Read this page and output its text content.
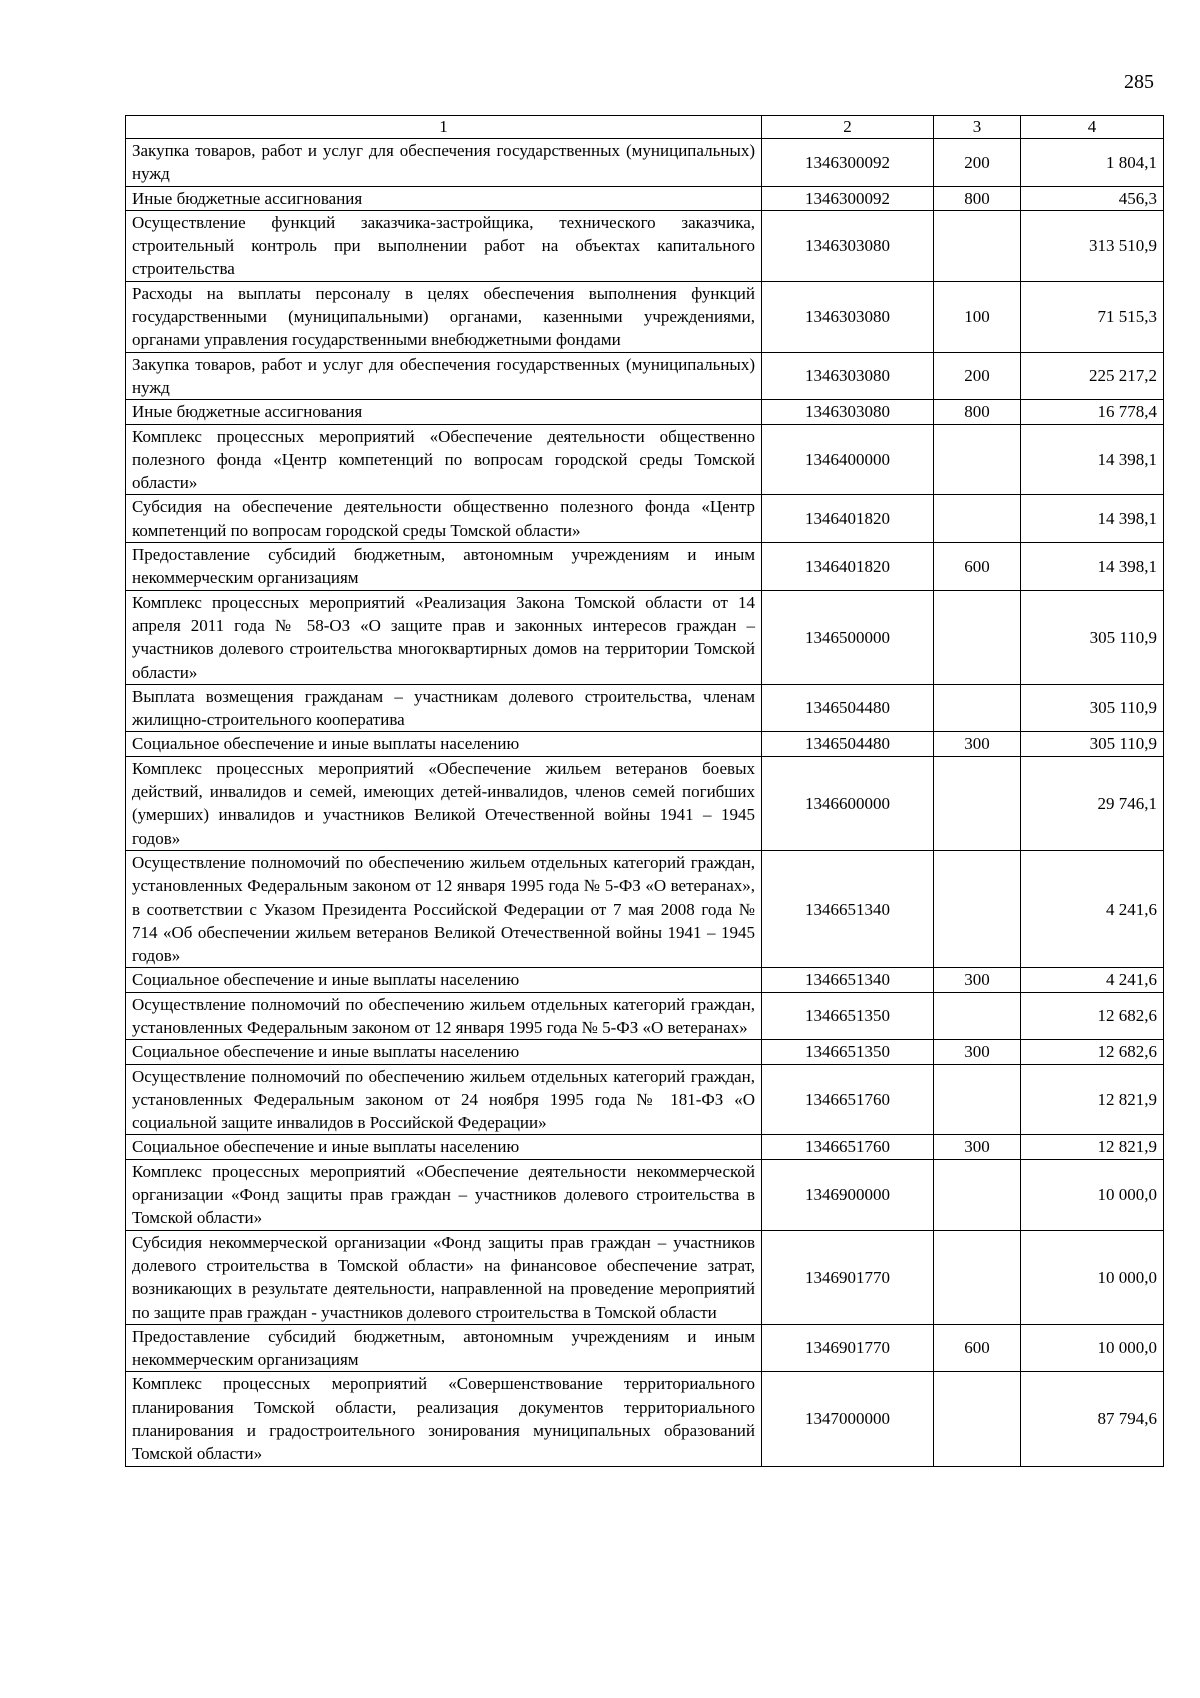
285
1	2	3	4
Закупка товаров, работ и услуг для обеспечения государственных (муниципальных) нужд	1346300092	200	1 804,1
Иные бюджетные ассигнования	1346300092	800	456,3
Осуществление функций заказчика-застройщика, технического заказчика, строительный контроль при выполнении работ на объектах капитального строительства	1346303080		313 510,9
Расходы на выплаты персоналу в целях обеспечения выполнения функций государственными (муниципальными) органами, казенными учреждениями, органами управления государственными внебюджетными фондами	1346303080	100	71 515,3
Закупка товаров, работ и услуг для обеспечения государственных (муниципальных) нужд	1346303080	200	225 217,2
Иные бюджетные ассигнования	1346303080	800	16 778,4
Комплекс процессных мероприятий «Обеспечение деятельности общественно полезного фонда «Центр компетенций по вопросам городской среды Томской области»	1346400000		14 398,1
Субсидия на обеспечение деятельности общественно полезного фонда «Центр компетенций по вопросам городской среды Томской области»	1346401820		14 398,1
Предоставление субсидий бюджетным, автономным учреждениям и иным некоммерческим организациям	1346401820	600	14 398,1
Комплекс процессных мероприятий «Реализация Закона Томской области от 14 апреля 2011 года № 58-ОЗ «О защите прав и законных интересов граждан – участников долевого строительства многоквартирных домов на территории Томской области»	1346500000		305 110,9
Выплата возмещения гражданам – участникам долевого строительства, членам жилищно-строительного кооператива	1346504480		305 110,9
Социальное обеспечение и иные выплаты населению	1346504480	300	305 110,9
Комплекс процессных мероприятий «Обеспечение жильем ветеранов боевых действий, инвалидов и семей, имеющих детей-инвалидов, членов семей погибших (умерших) инвалидов и участников Великой Отечественной войны 1941 – 1945 годов»	1346600000		29 746,1
Осуществление полномочий по обеспечению жильем отдельных категорий граждан, установленных Федеральным законом от 12 января 1995 года № 5-ФЗ «О ветеранах», в соответствии с Указом Президента Российской Федерации от 7 мая 2008 года № 714 «Об обеспечении жильем ветеранов Великой Отечественной войны 1941 – 1945 годов»	1346651340		4 241,6
Социальное обеспечение и иные выплаты населению	1346651340	300	4 241,6
Осуществление полномочий по обеспечению жильем отдельных категорий граждан, установленных Федеральным законом от 12 января 1995 года № 5-ФЗ «О ветеранах»	1346651350		12 682,6
Социальное обеспечение и иные выплаты населению	1346651350	300	12 682,6
Осуществление полномочий по обеспечению жильем отдельных категорий граждан, установленных Федеральным законом от 24 ноября 1995 года № 181-ФЗ «О социальной защите инвалидов в Российской Федерации»	1346651760		12 821,9
Социальное обеспечение и иные выплаты населению	1346651760	300	12 821,9
Комплекс процессных мероприятий «Обеспечение деятельности некоммерческой организации «Фонд защиты прав граждан – участников долевого строительства в Томской области»	1346900000		10 000,0
Субсидия некоммерческой организации «Фонд защиты прав граждан – участников долевого строительства в Томской области» на финансовое обеспечение затрат, возникающих в результате деятельности, направленной на проведение мероприятий по защите прав граждан - участников долевого строительства в Томской области	1346901770		10 000,0
Предоставление субсидий бюджетным, автономным учреждениям и иным некоммерческим организациям	1346901770	600	10 000,0
Комплекс процессных мероприятий «Совершенствование территориального планирования Томской области, реализация документов территориального планирования и градостроительного зонирования муниципальных образований Томской области»	1347000000		87 794,6
